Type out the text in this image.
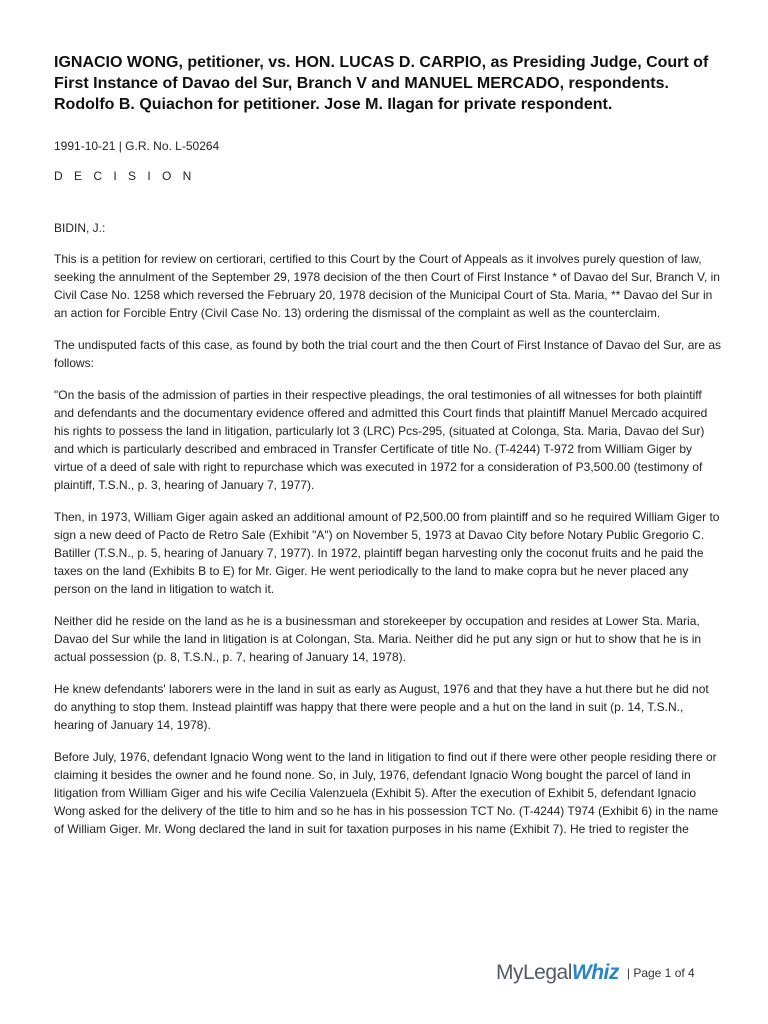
IGNACIO WONG, petitioner, vs. HON. LUCAS D. CARPIO, as Presiding Judge, Court of First Instance of Davao del Sur, Branch V and MANUEL MERCADO, respondents. Rodolfo B. Quiachon for petitioner. Jose M. Ilagan for private respondent.
1991-10-21 | G.R. No. L-50264
D E C I S I O N
BIDIN, J.:

This is a petition for review on certiorari, certified to this Court by the Court of Appeals as it involves purely question of law, seeking the annulment of the September 29, 1978 decision of the then Court of First Instance * of Davao del Sur, Branch V, in Civil Case No. 1258 which reversed the February 20, 1978 decision of the Municipal Court of Sta. Maria, ** Davao del Sur in an action for Forcible Entry (Civil Case No. 13) ordering the dismissal of the complaint as well as the counterclaim.

The undisputed facts of this case, as found by both the trial court and the then Court of First Instance of Davao del Sur, are as follows:

"On the basis of the admission of parties in their respective pleadings, the oral testimonies of all witnesses for both plaintiff and defendants and the documentary evidence offered and admitted this Court finds that plaintiff Manuel Mercado acquired his rights to possess the land in litigation, particularly lot 3 (LRC) Pcs-295, (situated at Colonga, Sta. Maria, Davao del Sur) and which is particularly described and embraced in Transfer Certificate of title No. (T-4244) T-972 from William Giger by virtue of a deed of sale with right to repurchase which was executed in 1972 for a consideration of P3,500.00 (testimony of plaintiff, T.S.N., p. 3, hearing of January 7, 1977).

Then, in 1973, William Giger again asked an additional amount of P2,500.00 from plaintiff and so he required William Giger to sign a new deed of Pacto de Retro Sale (Exhibit "A") on November 5, 1973 at Davao City before Notary Public Gregorio C. Batiller (T.S.N., p. 5, hearing of January 7, 1977). In 1972, plaintiff began harvesting only the coconut fruits and he paid the taxes on the land (Exhibits B to E) for Mr. Giger. He went periodically to the land to make copra but he never placed any person on the land in litigation to watch it.

Neither did he reside on the land as he is a businessman and storekeeper by occupation and resides at Lower Sta. Maria, Davao del Sur while the land in litigation is at Colongan, Sta. Maria. Neither did he put any sign or hut to show that he is in actual possession (p. 8, T.S.N., p. 7, hearing of January 14, 1978).

He knew defendants' laborers were in the land in suit as early as August, 1976 and that they have a hut there but he did not do anything to stop them. Instead plaintiff was happy that there were people and a hut on the land in suit (p. 14, T.S.N., hearing of January 14, 1978).

Before July, 1976, defendant Ignacio Wong went to the land in litigation to find out if there were other people residing there or claiming it besides the owner and he found none. So, in July, 1976, defendant Ignacio Wong bought the parcel of land in litigation from William Giger and his wife Cecilia Valenzuela (Exhibit 5). After the execution of Exhibit 5, defendant Ignacio Wong asked for the delivery of the title to him and so he has in his possession TCT No. (T-4244) T974 (Exhibit 6) in the name of William Giger. Mr. Wong declared the land in suit for taxation purposes in his name (Exhibit 7). He tried to register the

MyLegalWhiz | Page 1 of 4
